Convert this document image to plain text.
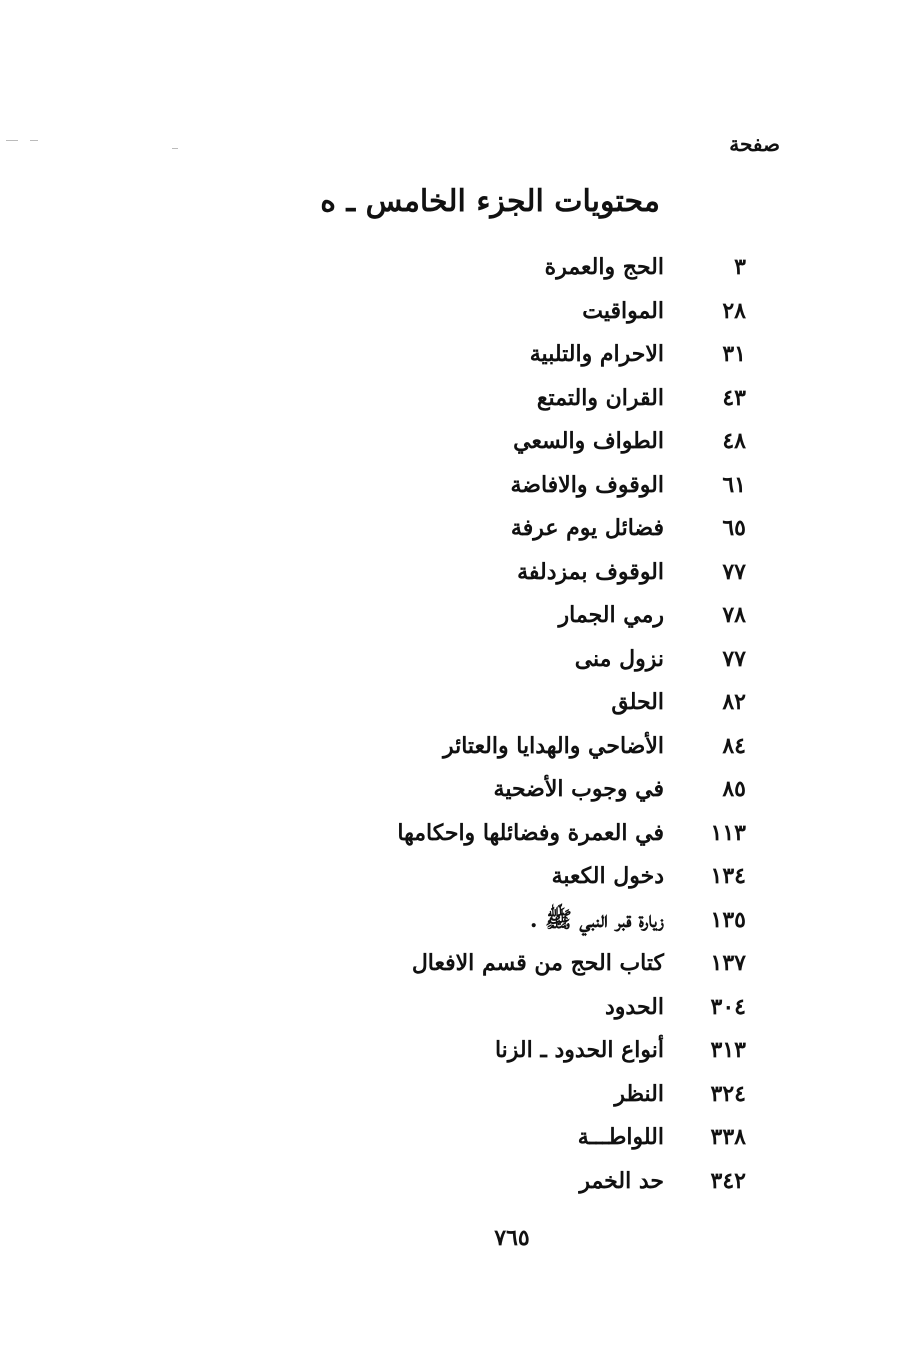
صفحة
محتويات الجزء الخامس ـ ه
٣
الحج والعمرة
٢٨
المواقيت
٣١
الاحرام والتلبية
٤٣
القران والتمتع
٤٨
الطواف والسعي
٦١
الوقوف والافاضة
٦٥
فضائل يوم عرفة
٧٧
الوقوف بمزدلفة
٧٨
رمي الجمار
٧٧
نزول منى
٨٢
الحلق
٨٤
الأضاحي والهدايا والعتائر
٨٥
في وجوب الأضحية
١١٣
في العمرة وفضائلها واحكامها
١٣٤
دخول الكعبة
١٣٥
زيارة قبر النبي ﷺ .
١٣٧
كتاب الحج من قسم الافعال
٣٠٤
الحدود
٣١٣
أنواع الحدود ـ الزنا
٣٢٤
النظر
٣٣٨
اللواطـــة
٣٤٢
حد الخمر
٧٦٥
